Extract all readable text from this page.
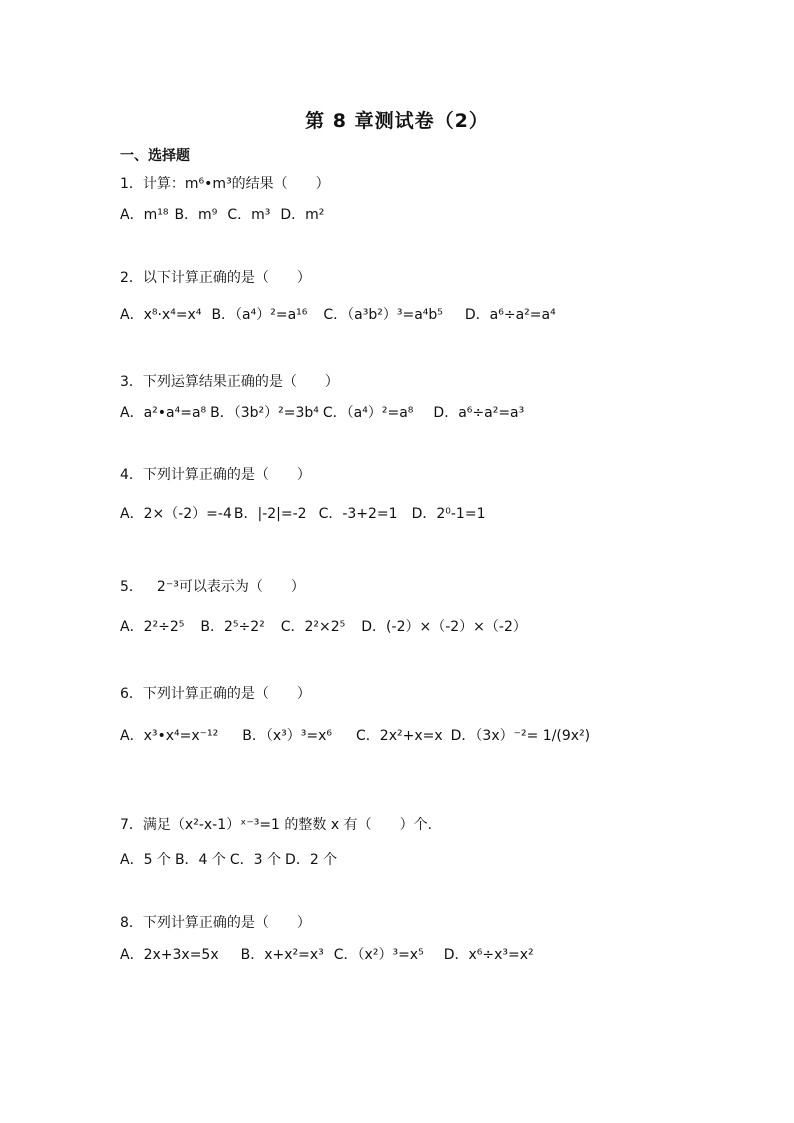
第 8 章测试卷（2）
一、选择题
1．计算：m⁶•m³的结果（　　）
A．m¹⁸ B．m⁹ C．m³ D．m²
2．以下计算正确的是（　　）
A．x⁸·x⁴=x⁴ B．（a⁴）²=a¹⁶ C．（a³b²）³=a⁴b⁵ D．a⁶÷a²=a⁴
3．下列运算结果正确的是（　　）
A．a²•a⁴=a⁸ B．（3b²）²=3b⁴ C．（a⁴）²=a⁸ D．a⁶÷a²=a³
4．下列计算正确的是（　　）
A．2×（-2）=-4 B．|-2|=-2 C．-3+2=1 D．2⁰-1=1
5． 2⁻³可以表示为（　　）
A．2²÷2⁵ B．2⁵÷2² C．2²×2⁵ D．(-2）×（-2）×（-2）
6．下列计算正确的是（　　）
A．x³•x⁴=x⁻¹² B．（x³）³=x⁶ C．2x²+x=x D．（3x）⁻²= 1/(9x²)
7．满足（x²-x-1）ˣ⁻³=1 的整数 x 有（　　）个.
A．5 个 B．4 个 C．3 个 D．2 个
8．下列计算正确的是（　　）
A．2x+3x=5x B．x+x²=x³ C．（x²）³=x⁵ D．x⁶÷x³=x²
